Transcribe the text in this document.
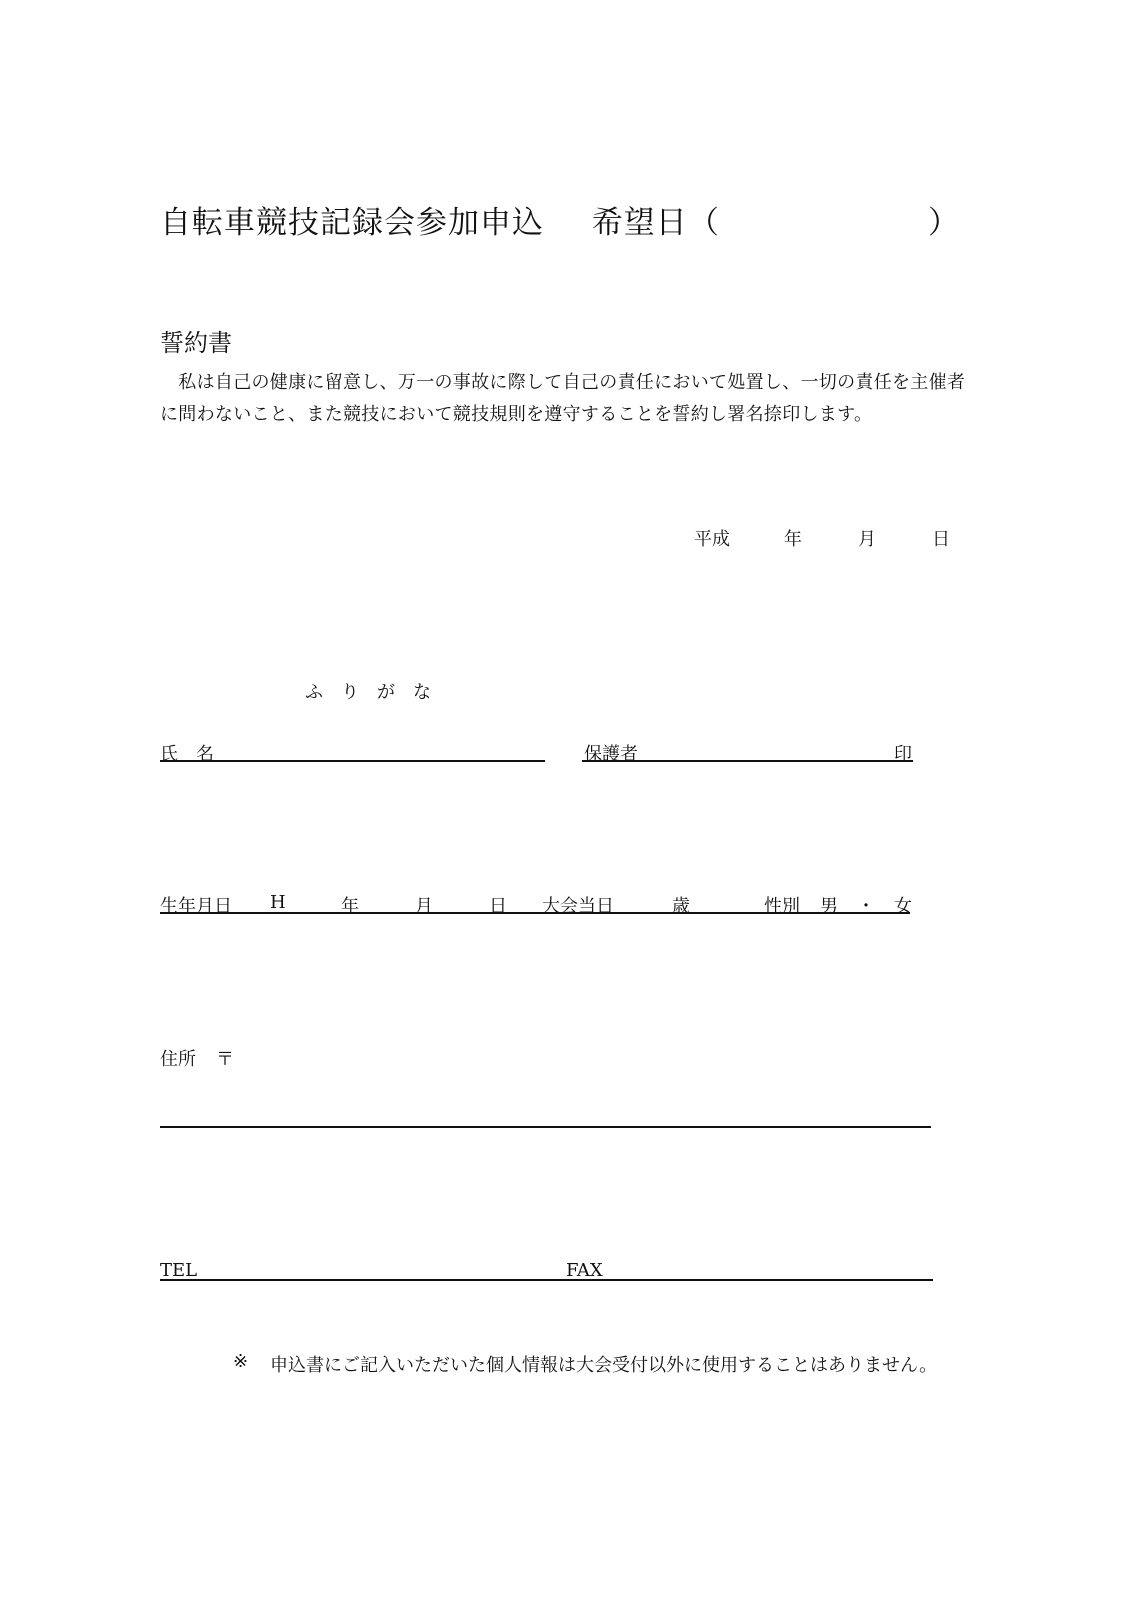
自転車競技記録会参加申込 希望日 （	）
誓約書
　私は自己の健康に留意し、万一の事故に際して自己の責任において処置し、一切の責任を主催者に問わないこと、また競技において競技規則を遵守することを誓約し署名捺印します。
平成	年	月	日
ふ　り　が　な
氏　名	保護者	印
生年月日 H	年	月	日 大会当日	歳	性別 男 ・ 女
住所 〒
TEL	FAX
※ 申込書にご記入いただいた個人情報は大会受付以外に使用することはありません。
